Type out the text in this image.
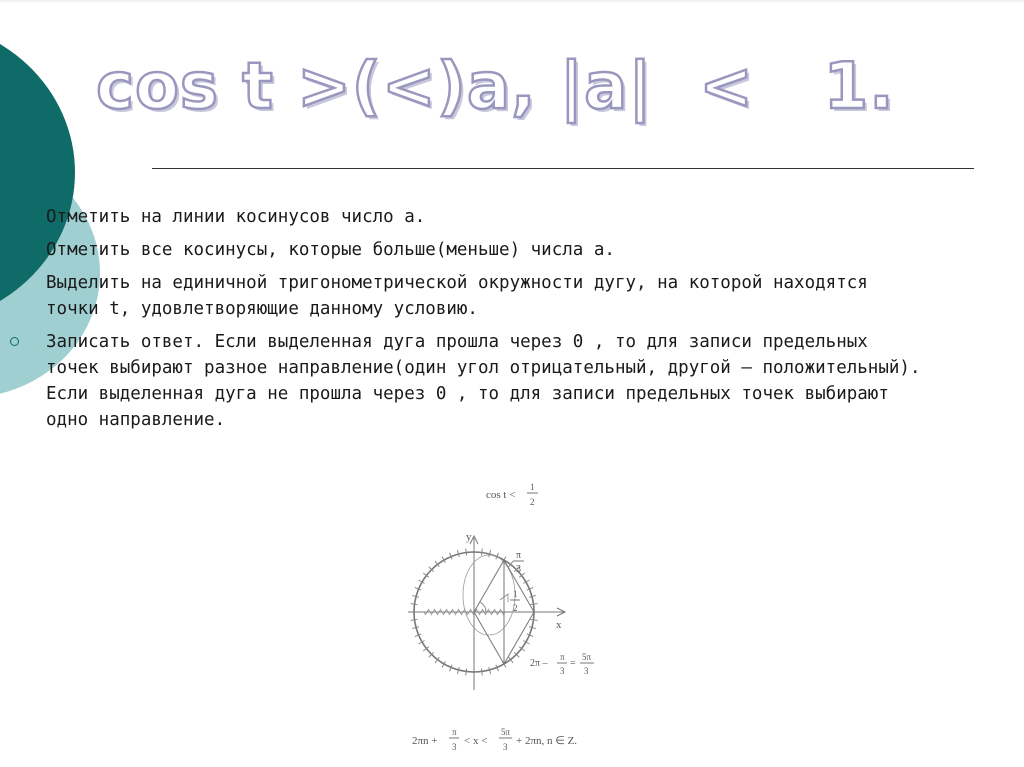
cos t >(<)a, |a|  <   1.
Отметить на линии косинусов число а.
Отметить все косинусы, которые больше(меньше) числа а.
Выделить на единичной тригонометрической окружности дугу, на которой находятся точки t, удовлетворяющие данному условию.
Записать ответ. Если выделенная дуга прошла через 0 , то для записи предельных точек выбирают разное направление(один угол отрицательный, другой – положительный). Если выделенная дуга не прошла через 0 , то для записи предельных точек выбирают одно направление.
cos t <
1
2
y
x
π
3
1
2
2π –
π
3
=
5π
3
2πn +
π
3 < x <
5π
3 + 2πn, n ∈ Z.
